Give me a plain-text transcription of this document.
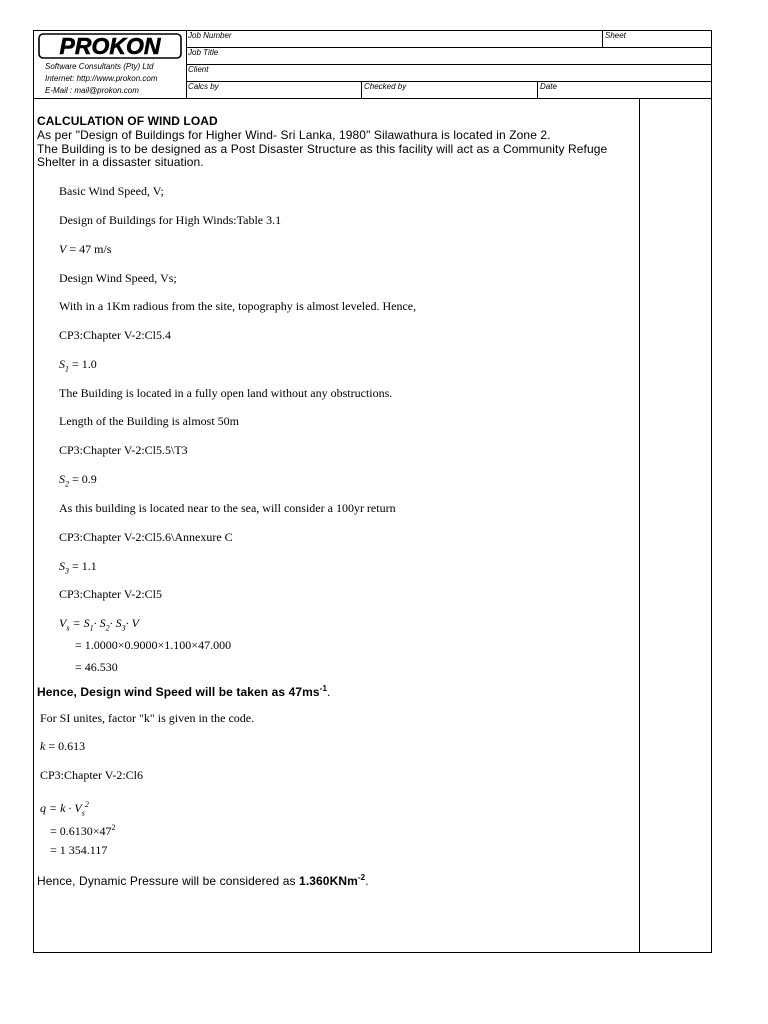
PROKON
Software Consultants (Pty) Ltd
Internet: http://www.prokon.com
E-Mail : mail@prokon.com
Job Number	Sheet
Job Title
Client
Calcs by	Checked by	Date
CALCULATION OF WIND LOAD
As per "Design of Buildings for Higher Wind- Sri Lanka, 1980" Silawathura is located in Zone 2.
The Building is to be designed as a Post Disaster Structure as this facility will act as a Community Refuge
Shelter in a dissaster situation.
Basic Wind Speed, V;
Design of Buildings for High Winds:Table 3.1
V = 47 m/s
Design Wind Speed, Vs;
With in a 1Km radious from the site, topography is almost leveled. Hence,
CP3:Chapter V-2:Cl5.4
$S_1 = 1.0$
The Building is located in a fully open land without any obstructions.
Length of the Building is almost 50m
CP3:Chapter V-2:Cl5.5\T3
$S_2 = 0.9$
As this building is located near to the sea, will consider a 100yr return
CP3:Chapter V-2:Cl5.6\Annexure C
$S_3 = 1.1$
CP3:Chapter V-2:Cl5
$V_s = S_1\cdot S_2\cdot S_3\cdot V$
= 1.0000×0.9000×1.100×47.000
= 46.530
Hence, Design wind Speed will be taken as $47ms^{-1}$.
For SI unites, factor "k" is given in the code.
k = 0.613
CP3:Chapter V-2:Cl6
$q = k \cdot V_s^2$
= $0.6130\times 47^2$
= 1 354.117
Hence, Dynamic Pressure will be considered as 1.360KNm$^{-2}$.
